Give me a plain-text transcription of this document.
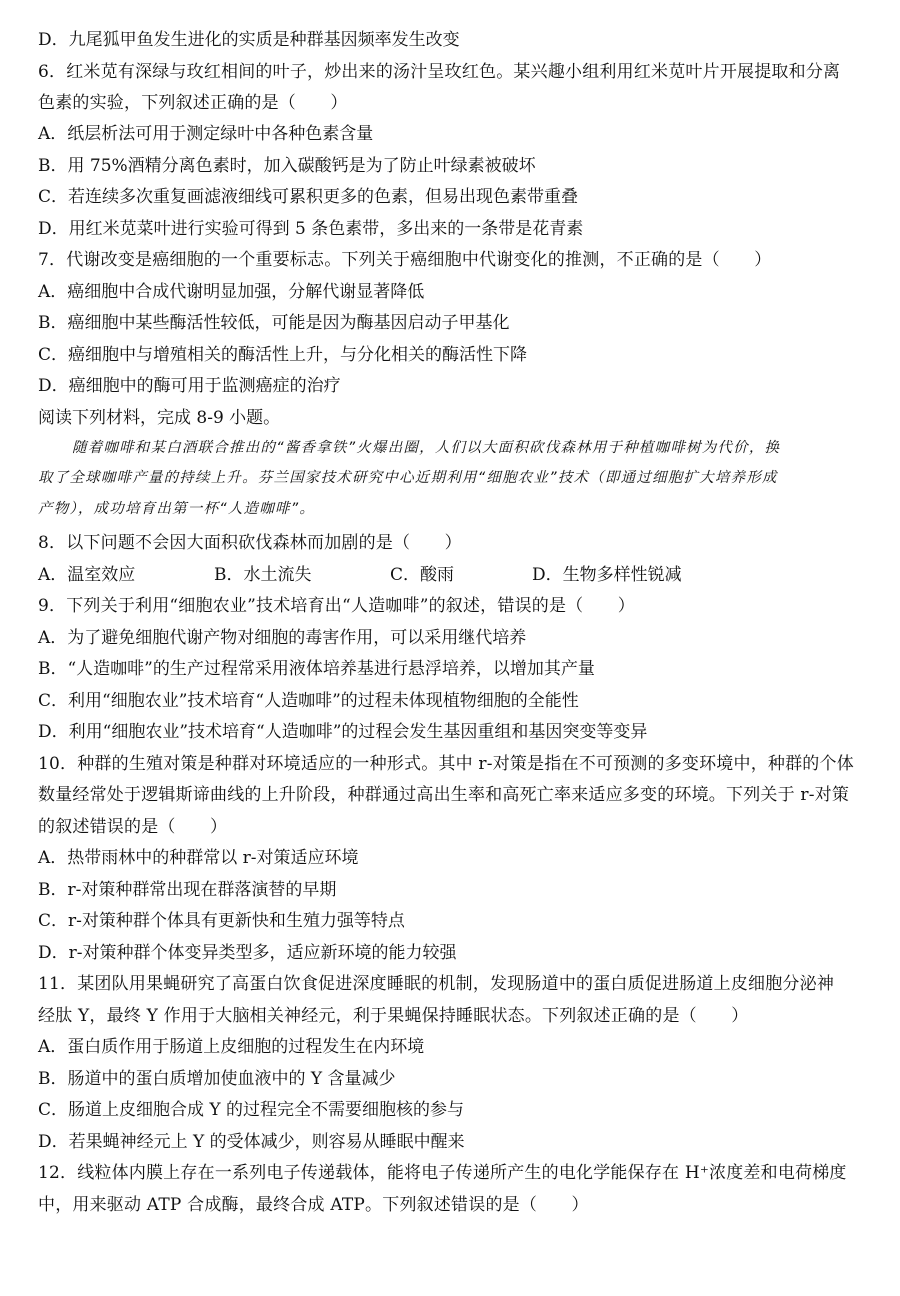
D．九尾狐甲鱼发生进化的实质是种群基因频率发生改变
6．红米苋有深绿与玫红相间的叶子，炒出来的汤汁呈玫红色。某兴趣小组利用红米苋叶片开展提取和分离
色素的实验，下列叙述正确的是（　　）
A．纸层析法可用于测定绿叶中各种色素含量
B．用 75%酒精分离色素时，加入碳酸钙是为了防止叶绿素被破坏
C．若连续多次重复画滤液细线可累积更多的色素，但易出现色素带重叠
D．用红米苋菜叶进行实验可得到 5 条色素带，多出来的一条带是花青素
7．代谢改变是癌细胞的一个重要标志。下列关于癌细胞中代谢变化的推测，不正确的是（　　）
A．癌细胞中合成代谢明显加强，分解代谢显著降低
B．癌细胞中某些酶活性较低，可能是因为酶基因启动子甲基化
C．癌细胞中与增殖相关的酶活性上升，与分化相关的酶活性下降
D．癌细胞中的酶可用于监测癌症的治疗
阅读下列材料，完成 8-9 小题。
随着咖啡和某白酒联合推出的“酱香拿铁”火爆出圈，人们以大面积砍伐森林用于种植咖啡树为代价，换
取了全球咖啡产量的持续上升。芬兰国家技术研究中心近期利用“细胞农业”技术（即通过细胞扩大培养形成
产物），成功培育出第一杯“人造咖啡”。
8．以下问题不会因大面积砍伐森林而加剧的是（　　）
A．温室效应	B．水土流失	C．酸雨	D．生物多样性锐减
9．下列关于利用“细胞农业”技术培育出“人造咖啡”的叙述，错误的是（　　）
A．为了避免细胞代谢产物对细胞的毒害作用，可以采用继代培养
B．“人造咖啡”的生产过程常采用液体培养基进行悬浮培养，以增加其产量
C．利用“细胞农业”技术培育“人造咖啡”的过程未体现植物细胞的全能性
D．利用“细胞农业”技术培育“人造咖啡”的过程会发生基因重组和基因突变等变异
10．种群的生殖对策是种群对环境适应的一种形式。其中 r-对策是指在不可预测的多变环境中，种群的个体
数量经常处于逻辑斯谛曲线的上升阶段，种群通过高出生率和高死亡率来适应多变的环境。下列关于 r-对策
的叙述错误的是（　　）
A．热带雨林中的种群常以 r-对策适应环境
B．r-对策种群常出现在群落演替的早期
C．r-对策种群个体具有更新快和生殖力强等特点
D．r-对策种群个体变异类型多，适应新环境的能力较强
11．某团队用果蝇研究了高蛋白饮食促进深度睡眠的机制，发现肠道中的蛋白质促进肠道上皮细胞分泌神
经肽 Y，最终 Y 作用于大脑相关神经元，利于果蝇保持睡眠状态。下列叙述正确的是（　　）
A．蛋白质作用于肠道上皮细胞的过程发生在内环境
B．肠道中的蛋白质增加使血液中的 Y 含量减少
C．肠道上皮细胞合成 Y 的过程完全不需要细胞核的参与
D．若果蝇神经元上 Y 的受体减少，则容易从睡眠中醒来
12．线粒体内膜上存在一系列电子传递载体，能将电子传递所产生的电化学能保存在 H⁺浓度差和电荷梯度
中，用来驱动 ATP 合成酶，最终合成 ATP。下列叙述错误的是（　　）
